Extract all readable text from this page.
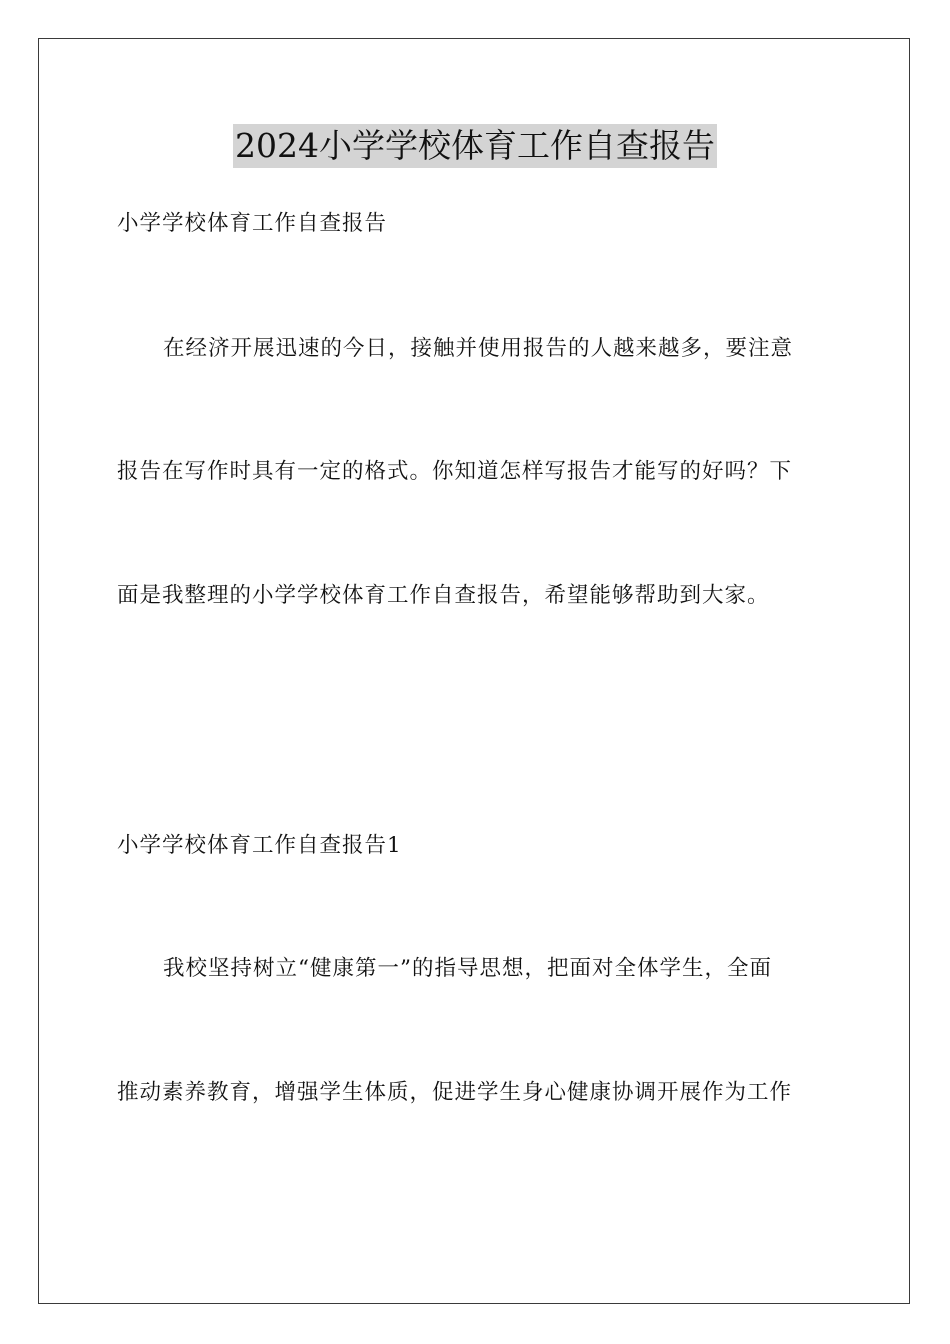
2024小学学校体育工作自查报告
小学学校体育工作自查报告
在经济开展迅速的今日，接触并使用报告的人越来越多，要注意
报告在写作时具有一定的格式。你知道怎样写报告才能写的好吗？下
面是我整理的小学学校体育工作自查报告，希望能够帮助到大家。
小学学校体育工作自查报告1
我校坚持树立“健康第一”的指导思想，把面对全体学生，全面
推动素养教育，增强学生体质，促进学生身心健康协调开展作为工作
